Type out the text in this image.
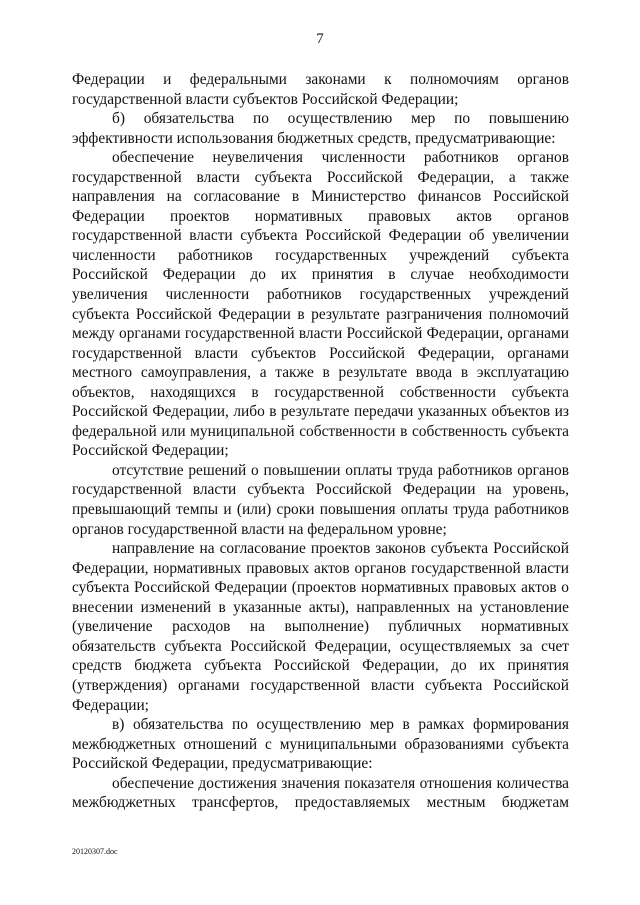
7

Федерации и федеральными законами к полномочиям органов государственной власти субъектов Российской Федерации;

б) обязательства по осуществлению мер по повышению эффективности использования бюджетных средств, предусматривающие:

обеспечение неувеличения численности работников органов государственной власти субъекта Российской Федерации, а также направления на согласование в Министерство финансов Российской Федерации проектов нормативных правовых актов органов государственной власти субъекта Российской Федерации об увеличении численности работников государственных учреждений субъекта Российской Федерации до их принятия в случае необходимости увеличения численности работников государственных учреждений субъекта Российской Федерации в результате разграничения полномочий между органами государственной власти Российской Федерации, органами государственной власти субъектов Российской Федерации, органами местного самоуправления, а также в результате ввода в эксплуатацию объектов, находящихся в государственной собственности субъекта Российской Федерации, либо в результате передачи указанных объектов из федеральной или муниципальной собственности в собственность субъекта Российской Федерации;

отсутствие решений о повышении оплаты труда работников органов государственной власти субъекта Российской Федерации на уровень, превышающий темпы и (или) сроки повышения оплаты труда работников органов государственной власти на федеральном уровне;

направление на согласование проектов законов субъекта Российской Федерации, нормативных правовых актов органов государственной власти субъекта Российской Федерации (проектов нормативных правовых актов о внесении изменений в указанные акты), направленных на установление (увеличение расходов на выполнение) публичных нормативных обязательств субъекта Российской Федерации, осуществляемых за счет средств бюджета субъекта Российской Федерации, до их принятия (утверждения) органами государственной власти субъекта Российской Федерации;

в) обязательства по осуществлению мер в рамках формирования межбюджетных отношений с муниципальными образованиями субъекта Российской Федерации, предусматривающие:

обеспечение достижения значения показателя отношения количества межбюджетных трансфертов, предоставляемых местным бюджетам

20120307.doc
